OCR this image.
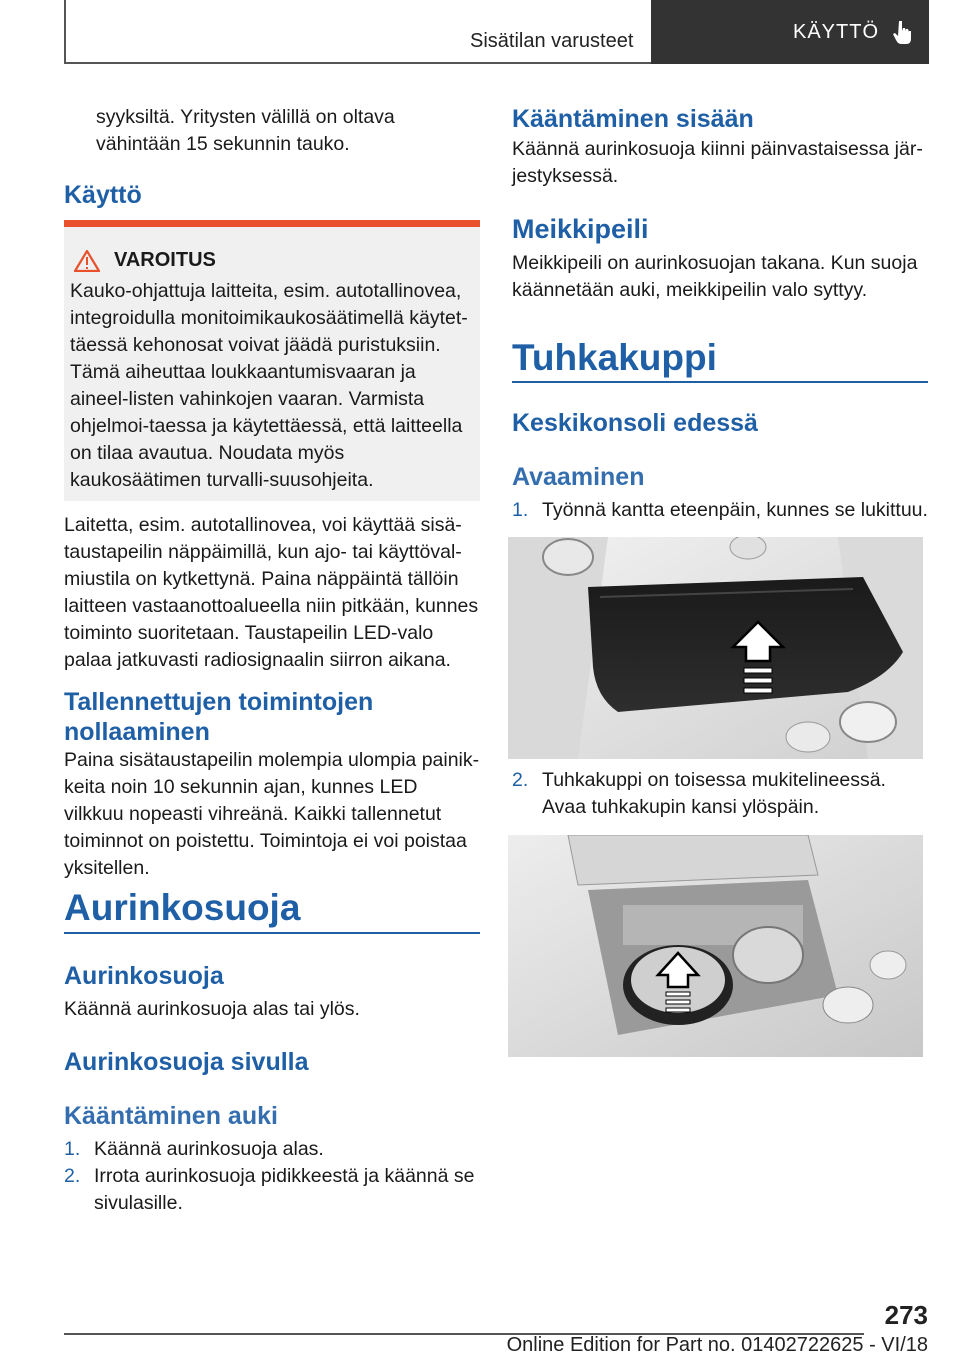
Sisätilan varusteet	KÄYTTÖ
syyksiltä. Yritysten välillä on oltava vähintään 15 sekunnin tauko.
Käyttö
VAROITUS
Kauko-ohjattuja laitteita, esim. autotallinovea, integroidulla monitoimikaukosäätimellä käytet-täessä kehonosat voivat jäädä puristuksiin. Tämä aiheuttaa loukkaantumisvaaran ja aineel-listen vahinkojen vaaran. Varmista ohjelmoi-taessa ja käytettäessä, että laitteella on tilaa avautua. Noudata myös kaukosäätimen turvalli-suusohjeita.
Laitetta, esim. autotallinovea, voi käyttää sisä-taustapeilin näppäimillä, kun ajo- tai käyttöval-miustila on kytkettynä. Paina näppäintä tällöin laitteen vastaanottoalueella niin pitkään, kunnes toiminto suoritetaan. Taustapeilin LED-valo palaa jatkuvasti radiosignaalin siirron aikana.
Tallennettujen toimintojen nollaaminen
Paina sisätaustapeilin molempia ulompia painik-keita noin 10 sekunnin ajan, kunnes LED vilkkuu nopeasti vihreänä. Kaikki tallennetut toiminnot on poistettu. Toimintoja ei voi poistaa yksitellen.
Aurinkosuoja
Aurinkosuoja
Käännä aurinkosuoja alas tai ylös.
Aurinkosuoja sivulla
Kääntäminen auki
1. Käännä aurinkosuoja alas.
2. Irrota aurinkosuoja pidikkeestä ja käännä se sivulasille.
Kääntäminen sisään
Käännä aurinkosuoja kiinni päinvastaisessa jär-jestyksessä.
Meikkipeili
Meikkipeili on aurinkosuojan takana. Kun suoja käännetään auki, meikkipeilin valo syttyy.
Tuhkakuppi
Keskikonsoli edessä
Avaaminen
1. Työnnä kantta eteenpäin, kunnes se lukittuu.
2. Tuhkakuppi on toisessa mukitelineessä. Avaa tuhkakupin kansi ylöspäin.
273
Online Edition for Part no. 01402722625 - VI/18
